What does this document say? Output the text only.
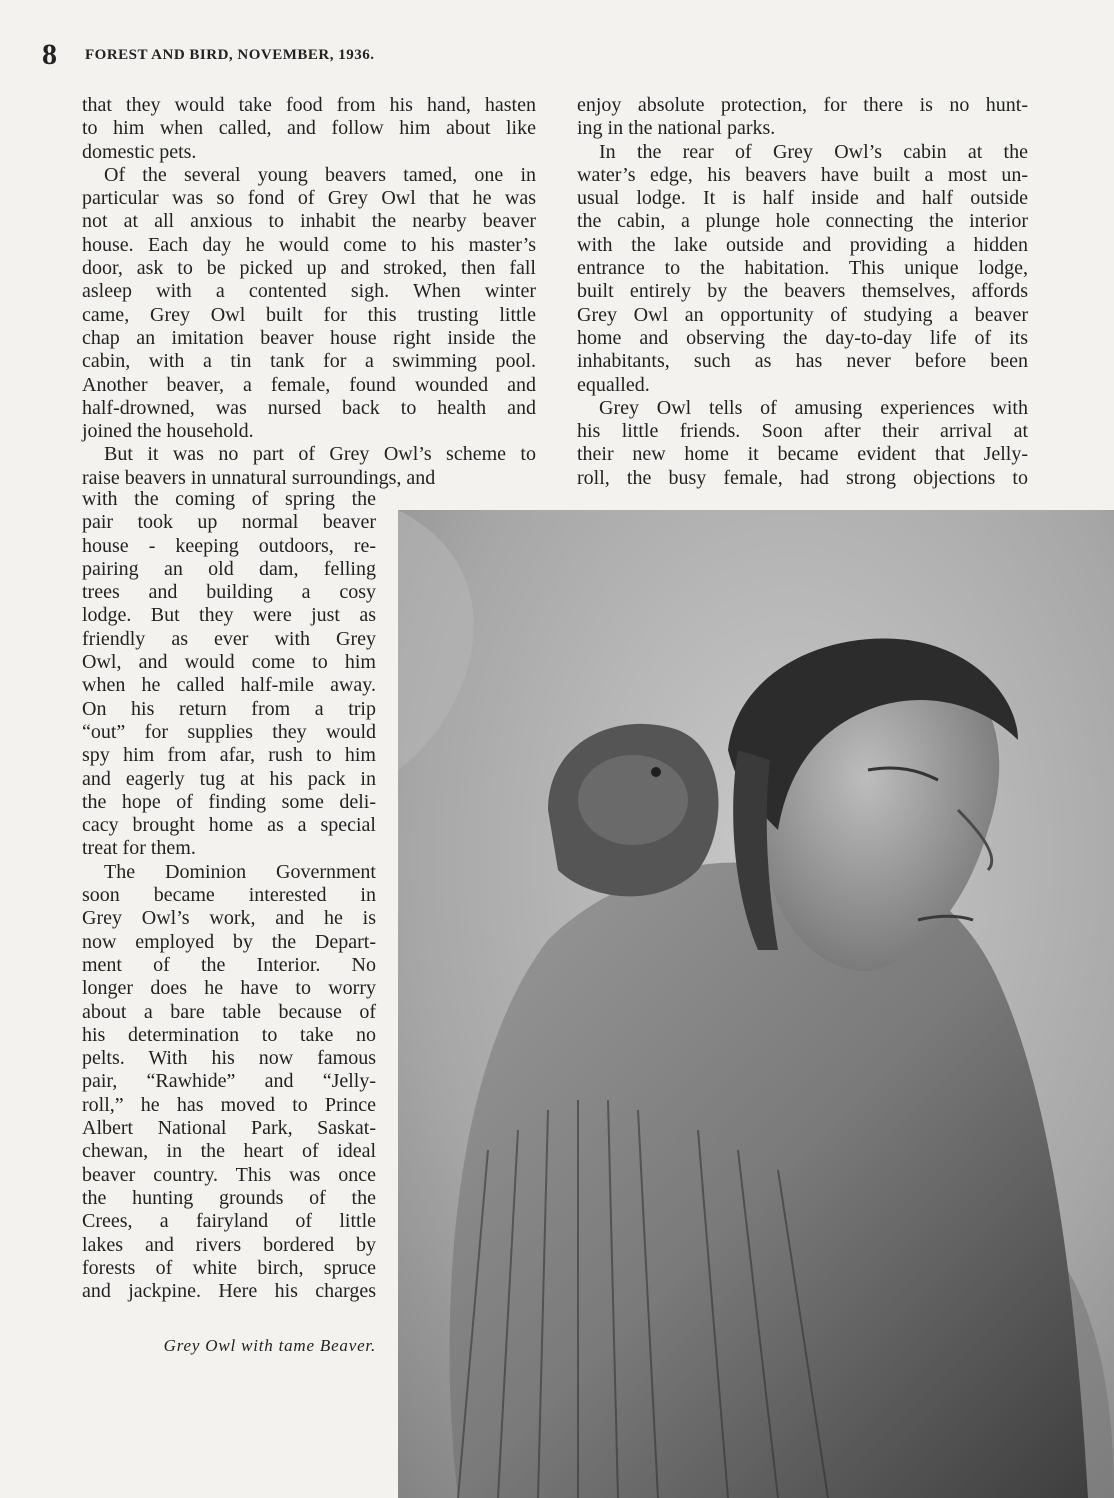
8 FOREST AND BIRD, NOVEMBER, 1936.

that they would take food from his hand, hasten
to him when called, and follow him about like
domestic pets.

Of the several young beavers tamed, one in
particular was so fond of Grey Owl that he was
not at all anxious to inhabit the nearby beaver
house. Each day he would come to his master’s
door, ask to be picked up and stroked, then fall
asleep with a contented sigh. When winter
came, Grey Owl built for this trusting little
chap an imitation beaver house right inside the
cabin, with a tin tank for a swimming pool.
Another beaver, a female, found wounded and
half-drowned, was nursed back to health and
joined the household.

But it was no part of Grey Owl’s scheme to
raise beavers in unnatural surroundings, and

with the coming of spring the
pair took up normal beaver
house - keeping outdoors, re-
pairing an old dam, felling
trees and building a cosy
lodge. But they were just as
friendly as ever with Grey
Owl, and would come to him
when he called half-mile away.
On his return from a trip
“out” for supplies they would
spy him from afar, rush to him
and eagerly tug at his pack in
the hope of finding some deli-
cacy brought home as a special
treat for them.

The Dominion Government
soon became interested in
Grey Owl’s work, and he is
now employed by the Depart-
ment of the Interior. No
longer does he have to worry
about a bare table because of
his determination to take no
pelts. With his now famous
pair, “Rawhide” and “Jelly-
roll,” he has moved to Prince
Albert National Park, Saskat-
chewan, in the heart of ideal
beaver country. This was once
the hunting grounds of the
Crees, a fairyland of little
lakes and rivers bordered by
forests of white birch, spruce
and jackpine. Here his charges

enjoy absolute protection, for there is no hunt-
ing in the national parks.

In the rear of Grey Owl’s cabin at the
water’s edge, his beavers have built a most un-
usual lodge. It is half inside and half outside
the cabin, a plunge hole connecting the interior
with the lake outside and providing a hidden
entrance to the habitation. This unique lodge,
built entirely by the beavers themselves, affords
Grey Owl an opportunity of studying a beaver
home and observing the day-to-day life of its
inhabitants, such as has never before been
equalled.

Grey Owl tells of amusing experiences with
his little friends. Soon after their arrival at
their new home it became evident that Jelly-
roll, the busy female, had strong objections to

Grey Owl with tame Beaver.
